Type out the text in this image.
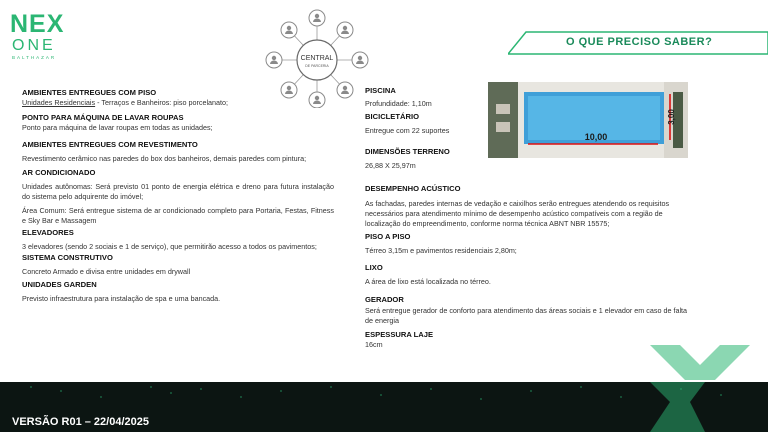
NEX
ONE
BALTHAZAR	CENTRAL
DE PARCERIA
O QUE PRECISO SABER?

AMBIENTES ENTREGUES COM PISO

Unidades Residenciais - Terraços e Banheiros: piso porcelanato;

PONTO PARA MÁQUINA DE LAVAR ROUPAS

Ponto para máquina de lavar roupas em todas as unidades;

AMBIENTES ENTREGUES COM REVESTIMENTO

Revestimento cerâmico nas paredes do box dos banheiros, demais paredes com pintura;

AR CONDICIONADO

Unidades autônomas: Será previsto 01 ponto de energia elétrica e dreno para futura instalação do sistema pelo adquirente do imóvel;

Área Comum: Será entregue sistema de ar condicionado completo para Portaria, Festas, Fitness e Sky Bar e Massagem

ELEVADORES

3 elevadores (sendo 2 sociais e 1 de serviço), que permitirão acesso a todos os pavimentos;

SISTEMA CONSTRUTIVO

Concreto Armado e divisa entre unidades em drywall

UNIDADES GARDEN

Previsto infraestrutura para instalação de spa e uma bancada.

PISCINA

Profundidade: 1,10m

BICICLETÁRIO

Entregue com 22 suportes

DIMENSÕES TERRENO

26,88 X 25,97m

DESEMPENHO ACÚSTICO

As fachadas, paredes internas de vedação e caixilhos serão entregues atendendo os requisitos necessários para atendimento mínimo de desempenho acústico compatíveis com a região de localização do empreendimento, conforme norma técnica ABNT NBR 15575;

PISO A PISO

Térreo 3,15m e pavimentos residenciais 2,80m;

LIXO

A área de lixo está localizada no térreo.

GERADOR

Será entregue gerador de conforto para atendimento das áreas sociais e 1 elevador em caso de falta de energia

ESPESSURA LAJE

16cm

10,00
3,00
VERSÃO R01 – 22/04/2025
